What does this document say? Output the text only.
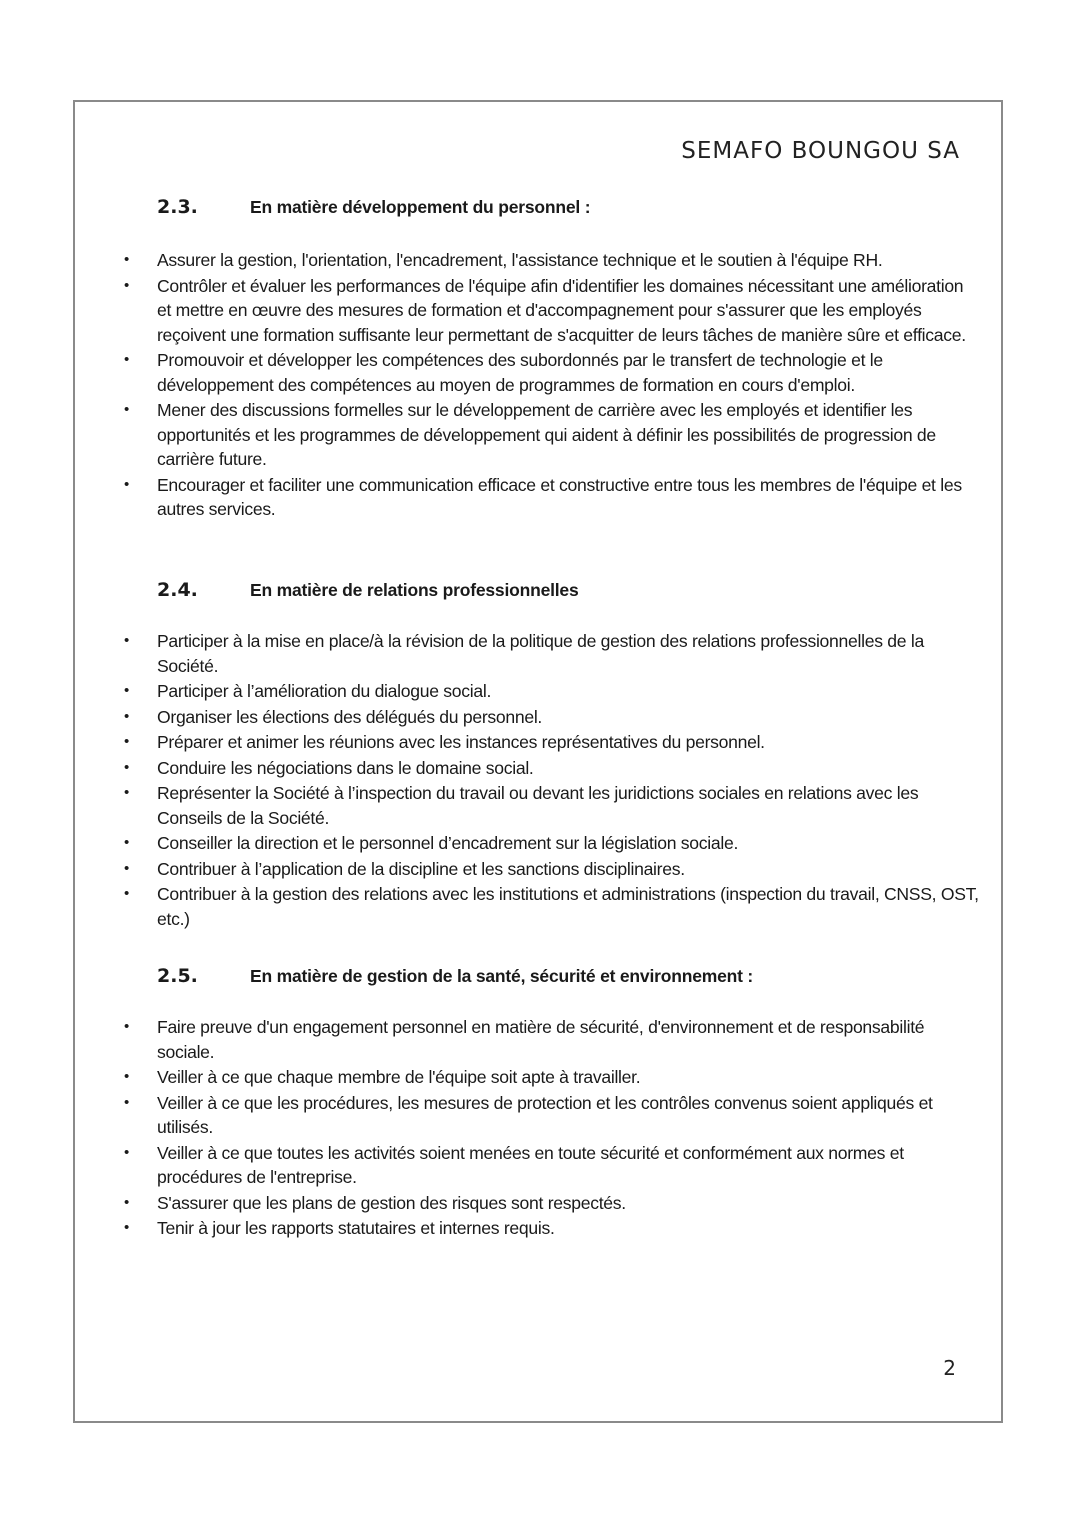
SEMAFO BOUNGOU SA
2.3.	En matière développement du personnel :
• Assurer la gestion, l'orientation, l'encadrement, l'assistance technique et le soutien à l'équipe RH.
• Contrôler et évaluer les performances de l'équipe afin d'identifier les domaines nécessitant une amélioration et mettre en œuvre des mesures de formation et d'accompagnement pour s'assurer que les employés reçoivent une formation suffisante leur permettant de s'acquitter de leurs tâches de manière sûre et efficace.
• Promouvoir et développer les compétences des subordonnés par le transfert de technologie et le développement des compétences au moyen de programmes de formation en cours d'emploi.
• Mener des discussions formelles sur le développement de carrière avec les employés et identifier les opportunités et les programmes de développement qui aident à définir les possibilités de progression de carrière future.
• Encourager et faciliter une communication efficace et constructive entre tous les membres de l'équipe et les autres services.
2.4.	En matière de relations professionnelles
• Participer à la mise en place/à la révision de la politique de gestion des relations professionnelles de la Société.
• Participer à l’amélioration du dialogue social.
• Organiser les élections des délégués du personnel.
• Préparer et animer les réunions avec les instances représentatives du personnel.
• Conduire les négociations dans le domaine social.
• Représenter la Société à l’inspection du travail ou devant les juridictions sociales en relations avec les Conseils de la Société.
• Conseiller la direction et le personnel d’encadrement sur la législation sociale.
• Contribuer à l’application de la discipline et les sanctions disciplinaires.
• Contribuer à la gestion des relations avec les institutions et administrations (inspection du travail, CNSS, OST, etc.)
2.5.	En matière de gestion de la santé, sécurité et environnement :
• Faire preuve d'un engagement personnel en matière de sécurité, d'environnement et de responsabilité sociale.
• Veiller à ce que chaque membre de l'équipe soit apte à travailler.
• Veiller à ce que les procédures, les mesures de protection et les contrôles convenus soient appliqués et utilisés.
• Veiller à ce que toutes les activités soient menées en toute sécurité et conformément aux normes et procédures de l'entreprise.
• S'assurer que les plans de gestion des risques sont respectés.
• Tenir à jour les rapports statutaires et internes requis.
2
